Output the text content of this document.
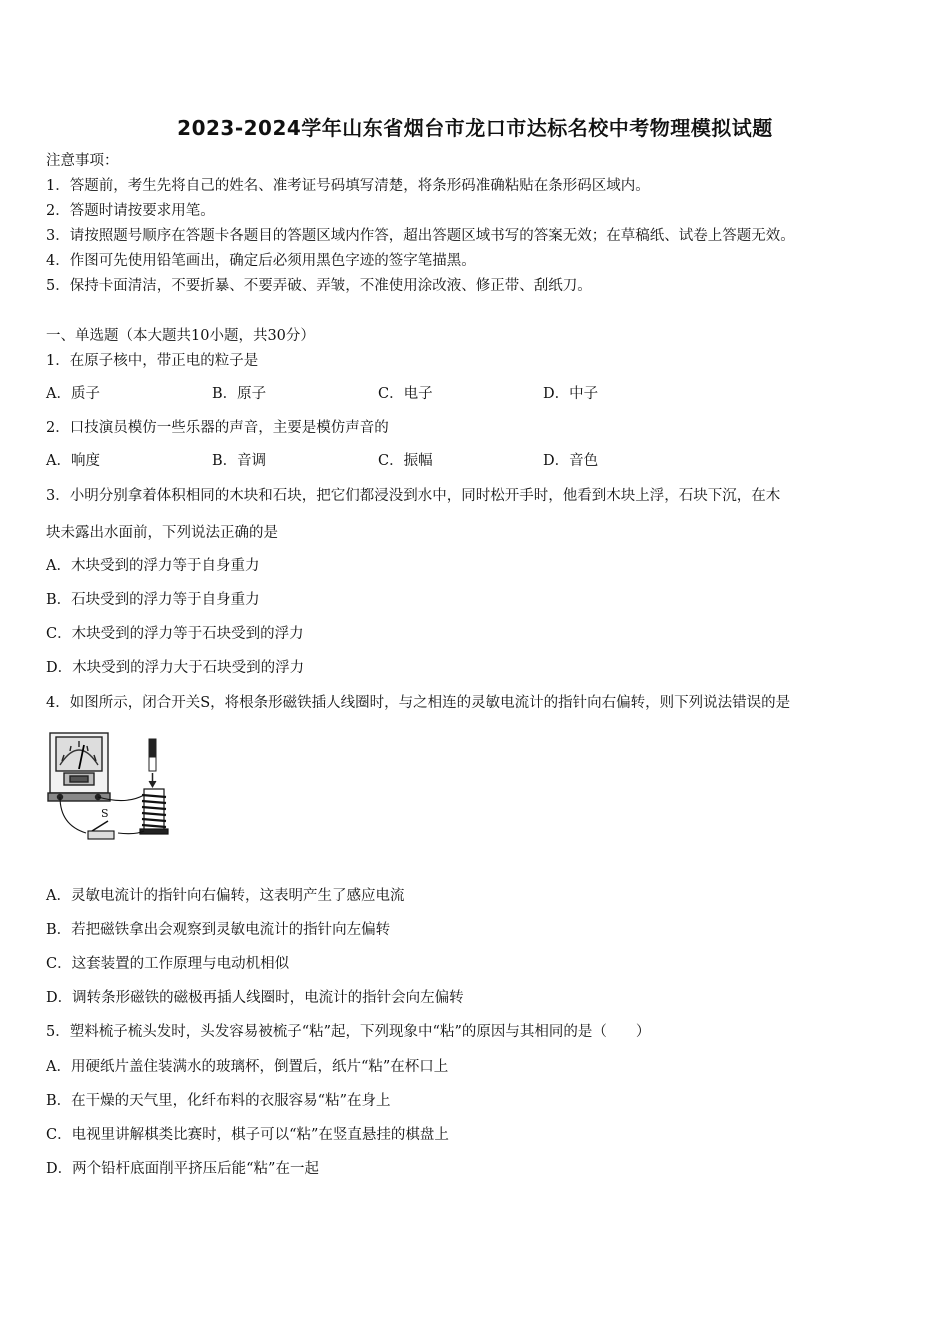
2023-2024学年山东省烟台市龙口市达标名校中考物理模拟试题
注意事项：
1．答题前，考生先将自己的姓名、准考证号码填写清楚，将条形码准确粘贴在条形码区域内。
2．答题时请按要求用笔。
3．请按照题号顺序在答题卡各题目的答题区域内作答，超出答题区域书写的答案无效；在草稿纸、试卷上答题无效。
4．作图可先使用铅笔画出，确定后必须用黑色字迹的签字笔描黑。
5．保持卡面清洁，不要折暴、不要弄破、弄皱，不准使用涂改液、修正带、刮纸刀。
一、单选题（本大题共10小题，共30分）
1．在原子核中，带正电的粒子是
A．质子	B．原子	C．电子	D．中子
2．口技演员模仿一些乐器的声音，主要是模仿声音的
A．响度	B．音调	C．振幅	D．音色
3．小明分别拿着体积相同的木块和石块，把它们都浸没到水中，同时松开手时，他看到木块上浮，石块下沉，在木
块未露出水面前，下列说法正确的是
A．木块受到的浮力等于自身重力
B．石块受到的浮力等于自身重力
C．木块受到的浮力等于石块受到的浮力
D．木块受到的浮力大于石块受到的浮力
4．如图所示，闭合开关S，将根条形磁铁插人线圈时，与之相连的灵敏电流计的指针向右偏转，则下列说法错误的是
S
A．灵敏电流计的指针向右偏转，这表明产生了感应电流
B．若把磁铁拿出会观察到灵敏电流计的指针向左偏转
C．这套装置的工作原理与电动机相似
D．调转条形磁铁的磁极再插人线圈时，电流计的指针会向左偏转
5．塑料梳子梳头发时，头发容易被梳子“粘”起，下列现象中“粘”的原因与其相同的是（　　）
A．用硬纸片盖住装满水的玻璃杯，倒置后，纸片“粘”在杯口上
B．在干燥的天气里，化纤布料的衣服容易“粘”在身上
C．电视里讲解棋类比赛时，棋子可以“粘”在竖直悬挂的棋盘上
D．两个铅杆底面削平挤压后能“粘”在一起
